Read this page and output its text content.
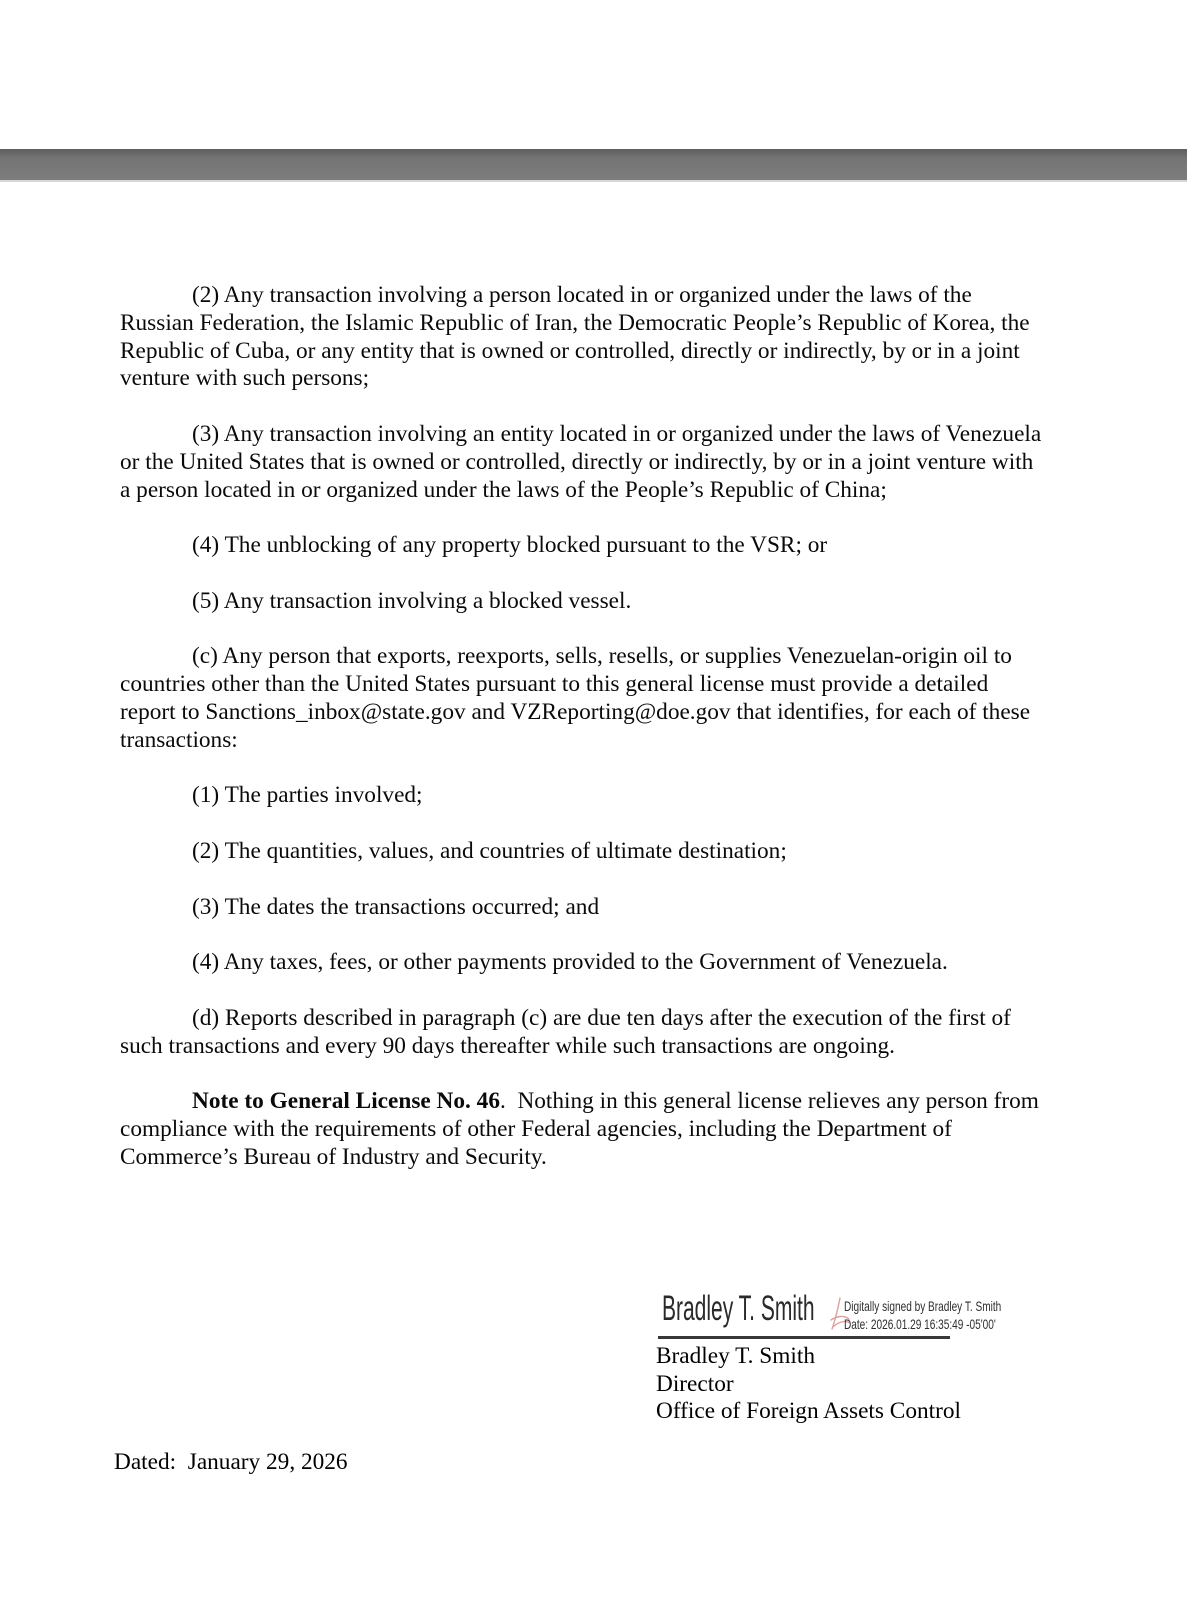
(2) Any transaction involving a person located in or organized under the laws of the Russian Federation, the Islamic Republic of Iran, the Democratic People’s Republic of Korea, the Republic of Cuba, or any entity that is owned or controlled, directly or indirectly, by or in a joint venture with such persons;

(3) Any transaction involving an entity located in or organized under the laws of Venezuela or the United States that is owned or controlled, directly or indirectly, by or in a joint venture with a person located in or organized under the laws of the People’s Republic of China;

(4) The unblocking of any property blocked pursuant to the VSR; or

(5) Any transaction involving a blocked vessel.

(c) Any person that exports, reexports, sells, resells, or supplies Venezuelan-origin oil to countries other than the United States pursuant to this general license must provide a detailed report to Sanctions_inbox@state.gov and VZReporting@doe.gov that identifies, for each of these transactions:

(1) The parties involved;

(2) The quantities, values, and countries of ultimate destination;

(3) The dates the transactions occurred; and

(4) Any taxes, fees, or other payments provided to the Government of Venezuela.

(d) Reports described in paragraph (c) are due ten days after the execution of the first of such transactions and every 90 days thereafter while such transactions are ongoing.

Note to General License No. 46.  Nothing in this general license relieves any person from compliance with the requirements of other Federal agencies, including the Department of Commerce’s Bureau of Industry and Security.

Bradley T. Smith Digitally signed by Bradley T. Smith
Date: 2026.01.29 16:35:49 -05'00'
Bradley T. Smith
Director
Office of Foreign Assets Control

Dated:  January 29, 2026
